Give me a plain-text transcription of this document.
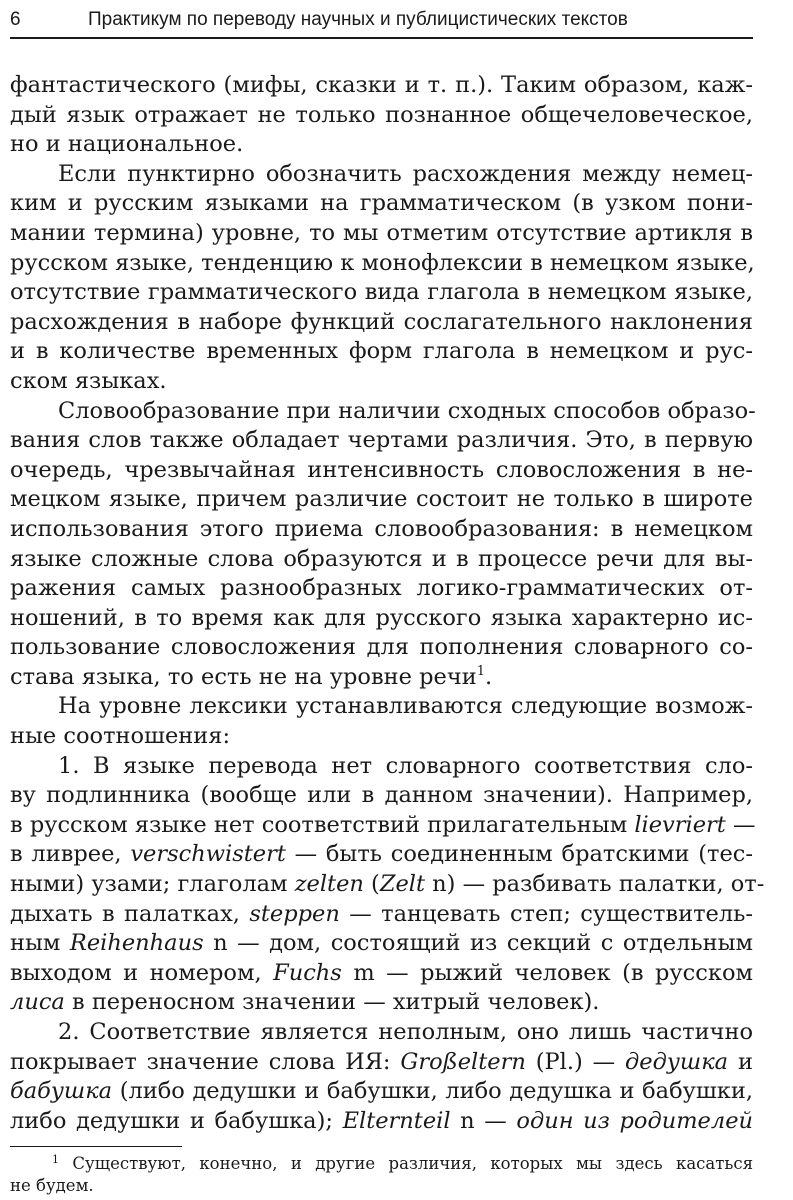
6	Практикум по переводу научных и публицистических текстов
фантастического (мифы, сказки и т. п.). Таким образом, каж-
дый язык отражает не только познанное общечеловеческое,
но и национальное.
Если пунктирно обозначить расхождения между немец-
ким и русским языками на грамматическом (в узком пони-
мании термина) уровне, то мы отметим отсутствие артикля в
русском языке, тенденцию к монофлексии в немецком языке,
отсутствие грамматического вида глагола в немецком языке,
расхождения в наборе функций сослагательного наклонения
и в количестве временных форм глагола в немецком и рус-
ском языках.
Словообразование при наличии сходных способов образо-
вания слов также обладает чертами различия. Это, в первую
очередь, чрезвычайная интенсивность словосложения в не-
мецком языке, причем различие состоит не только в широте
использования этого приема словообразования: в немецком
языке сложные слова образуются и в процессе речи для вы-
ражения самых разнообразных логико-грамматических от-
ношений, в то время как для русского языка характерно ис-
пользование словосложения для пополнения словарного со-
става языка, то есть не на уровне речи$^1$.
На уровне лексики устанавливаются следующие возмож-
ные соотношения:
1. В языке перевода нет словарного соответствия сло-
ву подлинника (вообще или в данном значении). Например,
в русском языке нет соответствий прилагательным lievriert —
в ливрее, verschwistert — быть соединенным братскими (тес-
ными) узами; глаголам zelten (Zelt n) — разбивать палатки, от-
дыхать в палатках, steppen — танцевать степ; существитель-
ным Reihenhaus n — дом, состоящий из секций с отдельным
выходом и номером, Fuchs m — рыжий человек (в русском
лиса в переносном значении — хитрый человек).
2. Соответствие является неполным, оно лишь частично
покрывает значение слова ИЯ: Großeltern (Pl.) — дедушка и
бабушка (либо дедушки и бабушки, либо дедушка и бабушки,
либо дедушки и бабушка); Elternteil n — один из родителей
$^1$ Существуют, конечно, и другие различия, которых мы здесь касаться
не будем.
